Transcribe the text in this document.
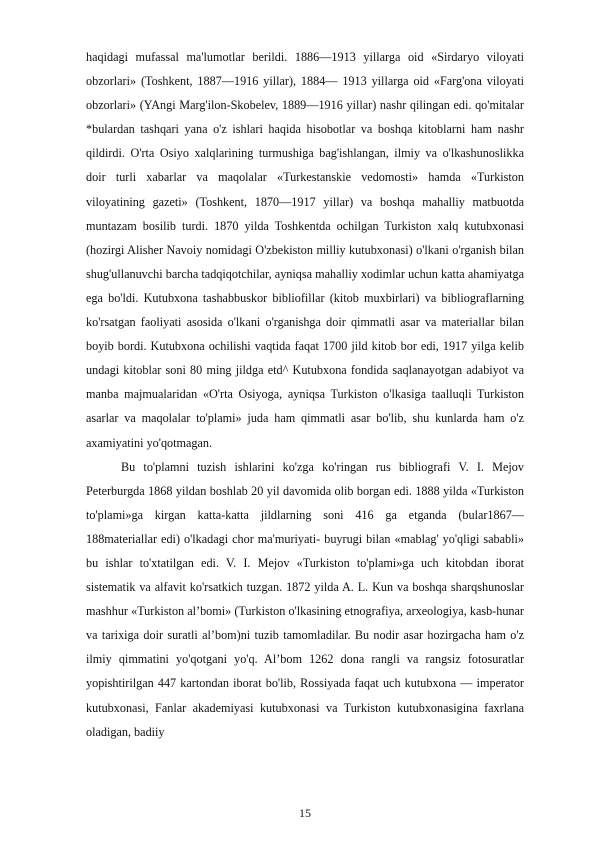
haqidagi mufassal ma'lumotlar berildi. 1886—1913 yillarga oid «Sirdaryo viloyati obzorlari» (Toshkent, 1887—1916 yillar), 1884— 1913 yillarga oid «Farg'ona viloyati obzorlari» (YAngi Marg'ilon-Skobelev, 1889—1916 yillar) nashr qilingan edi. qo'mitalar *bulardan tashqari yana o'z ishlari haqida hisobotlar va boshqa kitoblarni ham nashr qildirdi. O'rta Osiyo xalqlarining turmushiga bag'ishlangan, ilmiy va o'lkashunoslikka doir turli xabarlar va maqolalar «Turkestanskie vedomosti» hamda «Turkiston viloyatining gazeti» (Toshkent, 1870—1917 yillar) va boshqa mahalliy matbuotda muntazam bosilib turdi. 1870 yilda Toshkentda ochilgan Turkiston xalq kutubxonasi (hozirgi Alisher Navoiy nomidagi O'zbekiston milliy kutubxonasi) o'lkani o'rganish bilan shug'ullanuvchi barcha tadqiqotchilar, ayniqsa mahalliy xodimlar uchun katta ahamiyatga ega bo'ldi. Kutubxona tashabbuskor bibliofillar (kitob muxbirlari) va bibliograflarning ko'rsatgan faoliyati asosida o'lkani o'rganishga doir qimmatli asar va materiallar bilan boyib bordi. Kutubxona ochilishi vaqtida faqat 1700 jild kitob bor edi, 1917 yilga kelib undagi kitoblar soni 80 ming jildga etd^ Kutubxona fondida saqlanayotgan adabiyot va manba majmualaridan «O'rta Osiyoga, ayniqsa Turkiston o'lkasiga taalluqli Turkiston asarlar va maqolalar to'plami» juda ham qimmatli asar bo'lib, shu kunlarda ham o'z axamiyatini yo'qotmagan.

Bu to'plamni tuzish ishlarini ko'zga ko'ringan rus bibliografi V. I. Mejov Peterburgda 1868 yildan boshlab 20 yil davomida olib borgan edi. 1888 yilda «Turkiston to'plami»ga kirgan katta-katta jildlarning soni 416 ga etganda (bular1867—188materiallar edi) o'lkadagi chor ma'muriyati- buyrugi bilan «mablag' yo'qligi sababli» bu ishlar to'xtatilgan edi. V. I. Mejov «Turkiston to'plami»ga uch kitobdan iborat sistematik va alfavit ko'rsatkich tuzgan. 1872 yilda A. L. Kun va boshqa sharqshunoslar mashhur «Turkiston al’bomi» (Turkiston o'lkasining etnografiya, arxeologiya, kasb-hunar va tarixiga doir suratli al’bom)ni tuzib tamomladilar. Bu nodir asar hozirgacha ham o'z ilmiy qimmatini yo'qotgani yo'q. Al’bom 1262 dona rangli va rangsiz fotosuratlar yopishtirilgan 447 kartondan iborat bo'lib, Rossiyada faqat uch kutubxona — imperator kutubxonasi, Fanlar akademiyasi kutubxonasi va Turkiston kutubxonasigina faxrlana oladigan, badiiy

15
